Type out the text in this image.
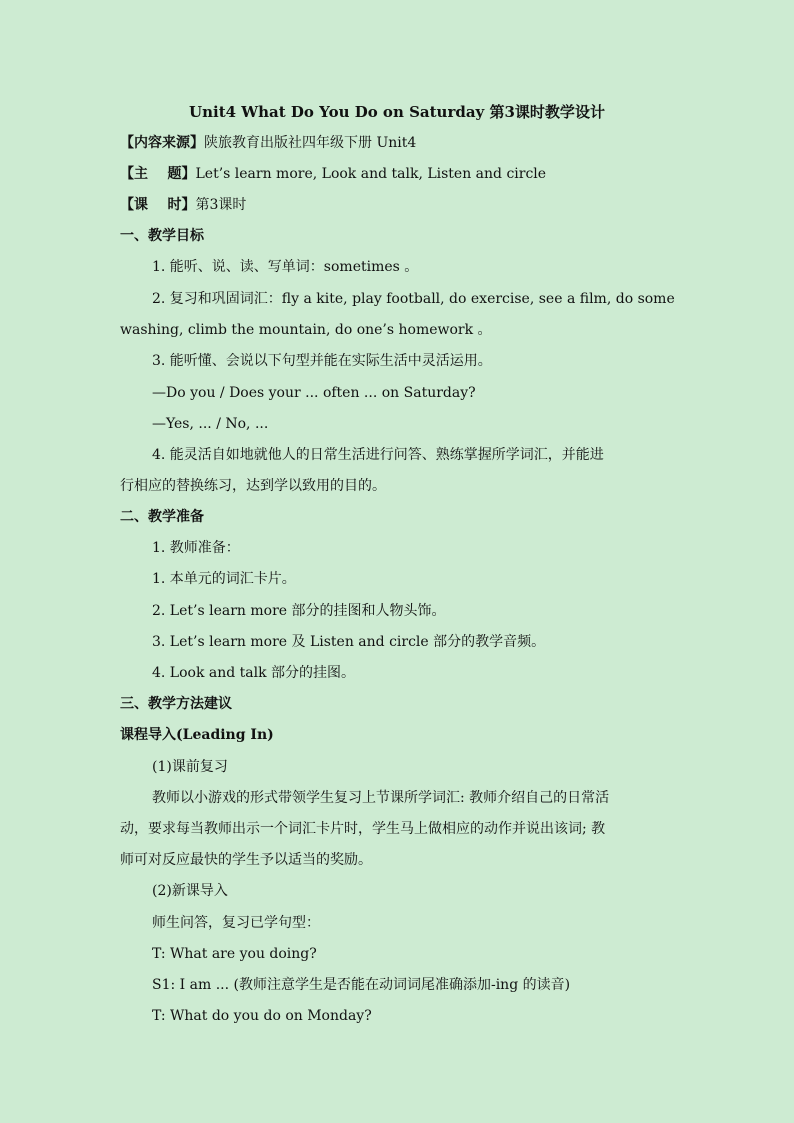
Unit4 What Do You Do on Saturday 第3课时教学设计
【内容来源】陕旅教育出版社四年级下册 Unit4
【主    题】Let’s learn more, Look and talk, Listen and circle
【课    时】第3课时
一、教学目标
1. 能听、说、读、写单词：sometimes 。
2. 复习和巩固词汇：fly a kite, play football, do exercise, see a film, do some
washing, climb the mountain, do one’s homework 。
3. 能听懂、会说以下句型并能在实际生活中灵活运用。
—Do you / Does your ... often ... on Saturday?
—Yes, ... / No, ...
4. 能灵活自如地就他人的日常生活进行问答、熟练掌握所学词汇，并能进
行相应的替换练习，达到学以致用的目的。
二、教学准备
1. 教师准备：
1. 本单元的词汇卡片。
2. Let’s learn more 部分的挂图和人物头饰。
3. Let’s learn more 及 Listen and circle 部分的教学音频。
4. Look and talk 部分的挂图。
三、教学方法建议
课程导入(Leading In)
(1)课前复习
教师以小游戏的形式带领学生复习上节课所学词汇: 教师介绍自己的日常活
动，要求每当教师出示一个词汇卡片时，学生马上做相应的动作并说出该词; 教
师可对反应最快的学生予以适当的奖励。
(2)新课导入
师生问答，复习已学句型：
T: What are you doing?
S1: I am ... (教师注意学生是否能在动词词尾准确添加-ing 的读音)
T: What do you do on Monday?
